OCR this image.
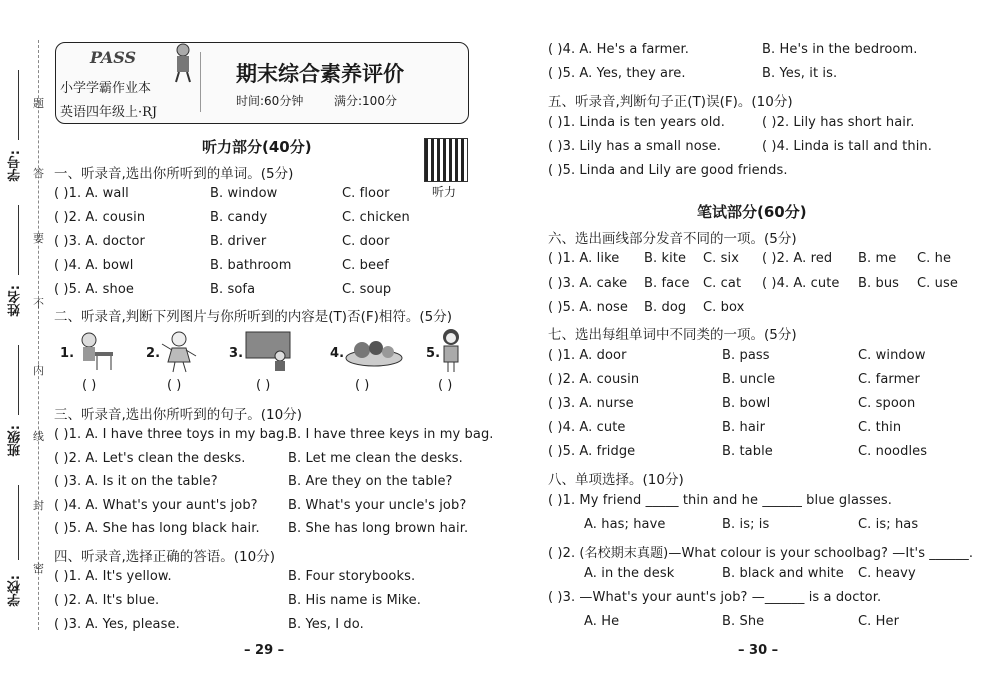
学号:
姓名:
班级:
学校:
题
答
要
不
内
线
封
密
PASS
小学学霸作业本
英语四年级上·RJ
期末综合素养评价
时间:60分钟	满分:100分
听力
听力部分(40分)
一、听录音,选出你所听到的单词。(5分)
( )1. A. wall	B. window	C. floor
( )2. A. cousin	B. candy	C. chicken
( )3. A. doctor	B. driver	C. door
( )4. A. bowl	B. bathroom	C. beef
( )5. A. shoe	B. sofa	C. soup
二、听录音,判断下列图片与你所听到的内容是(T)否(F)相符。(5分)
1.	2.	3.	4.	5.
( )	( )	( )	( )	( )
三、听录音,选出你所听到的句子。(10分)
( )1. A. I have three toys in my bag. B. I have three keys in my bag.
( )2. A. Let's clean the desks.	B. Let me clean the desks.
( )3. A. Is it on the table?	B. Are they on the table?
( )4. A. What's your aunt's job? B. What's your uncle's job?
( )5. A. She has long black hair. B. She has long brown hair.
四、听录音,选择正确的答语。(10分)
( )1. A. It's yellow.	B. Four storybooks.
( )2. A. It's blue.	B. His name is Mike.
( )3. A. Yes, please.	B. Yes, I do.
– 29 –
( )4. A. He's a farmer.	B. He's in the bedroom.
( )5. A. Yes, they are.	B. Yes, it is.
五、听录音,判断句子正(T)误(F)。(10分)
( )1. Linda is ten years old.	( )2. Lily has short hair.
( )3. Lily has a small nose.	( )4. Linda is tall and thin.
( )5. Linda and Lily are good friends.
笔试部分(60分)
六、选出画线部分发音不同的一项。(5分)
( )1. A. like B. kite C. six ( )2. A. red B. me C. he
( )3. A. cake B. face C. cat ( )4. A. cute B. bus C. use
( )5. A. nose B. dog C. box
七、选出每组单词中不同类的一项。(5分)
( )1. A. door	B. pass	C. window
( )2. A. cousin	B. uncle	C. farmer
( )3. A. nurse	B. bowl	C. spoon
( )4. A. cute	B. hair	C. thin
( )5. A. fridge	B. table	C. noodles
八、单项选择。(10分)
( )1. My friend _____ thin and he ______ blue glasses.
A. has; have	B. is; is	C. is; has
( )2. (名校期末真题)—What colour is your schoolbag? —It's ______.
A. in the desk	B. black and white C. heavy
( )3. —What's your aunt's job? —______ is a doctor.
A. He	B. She	C. Her
– 30 –
